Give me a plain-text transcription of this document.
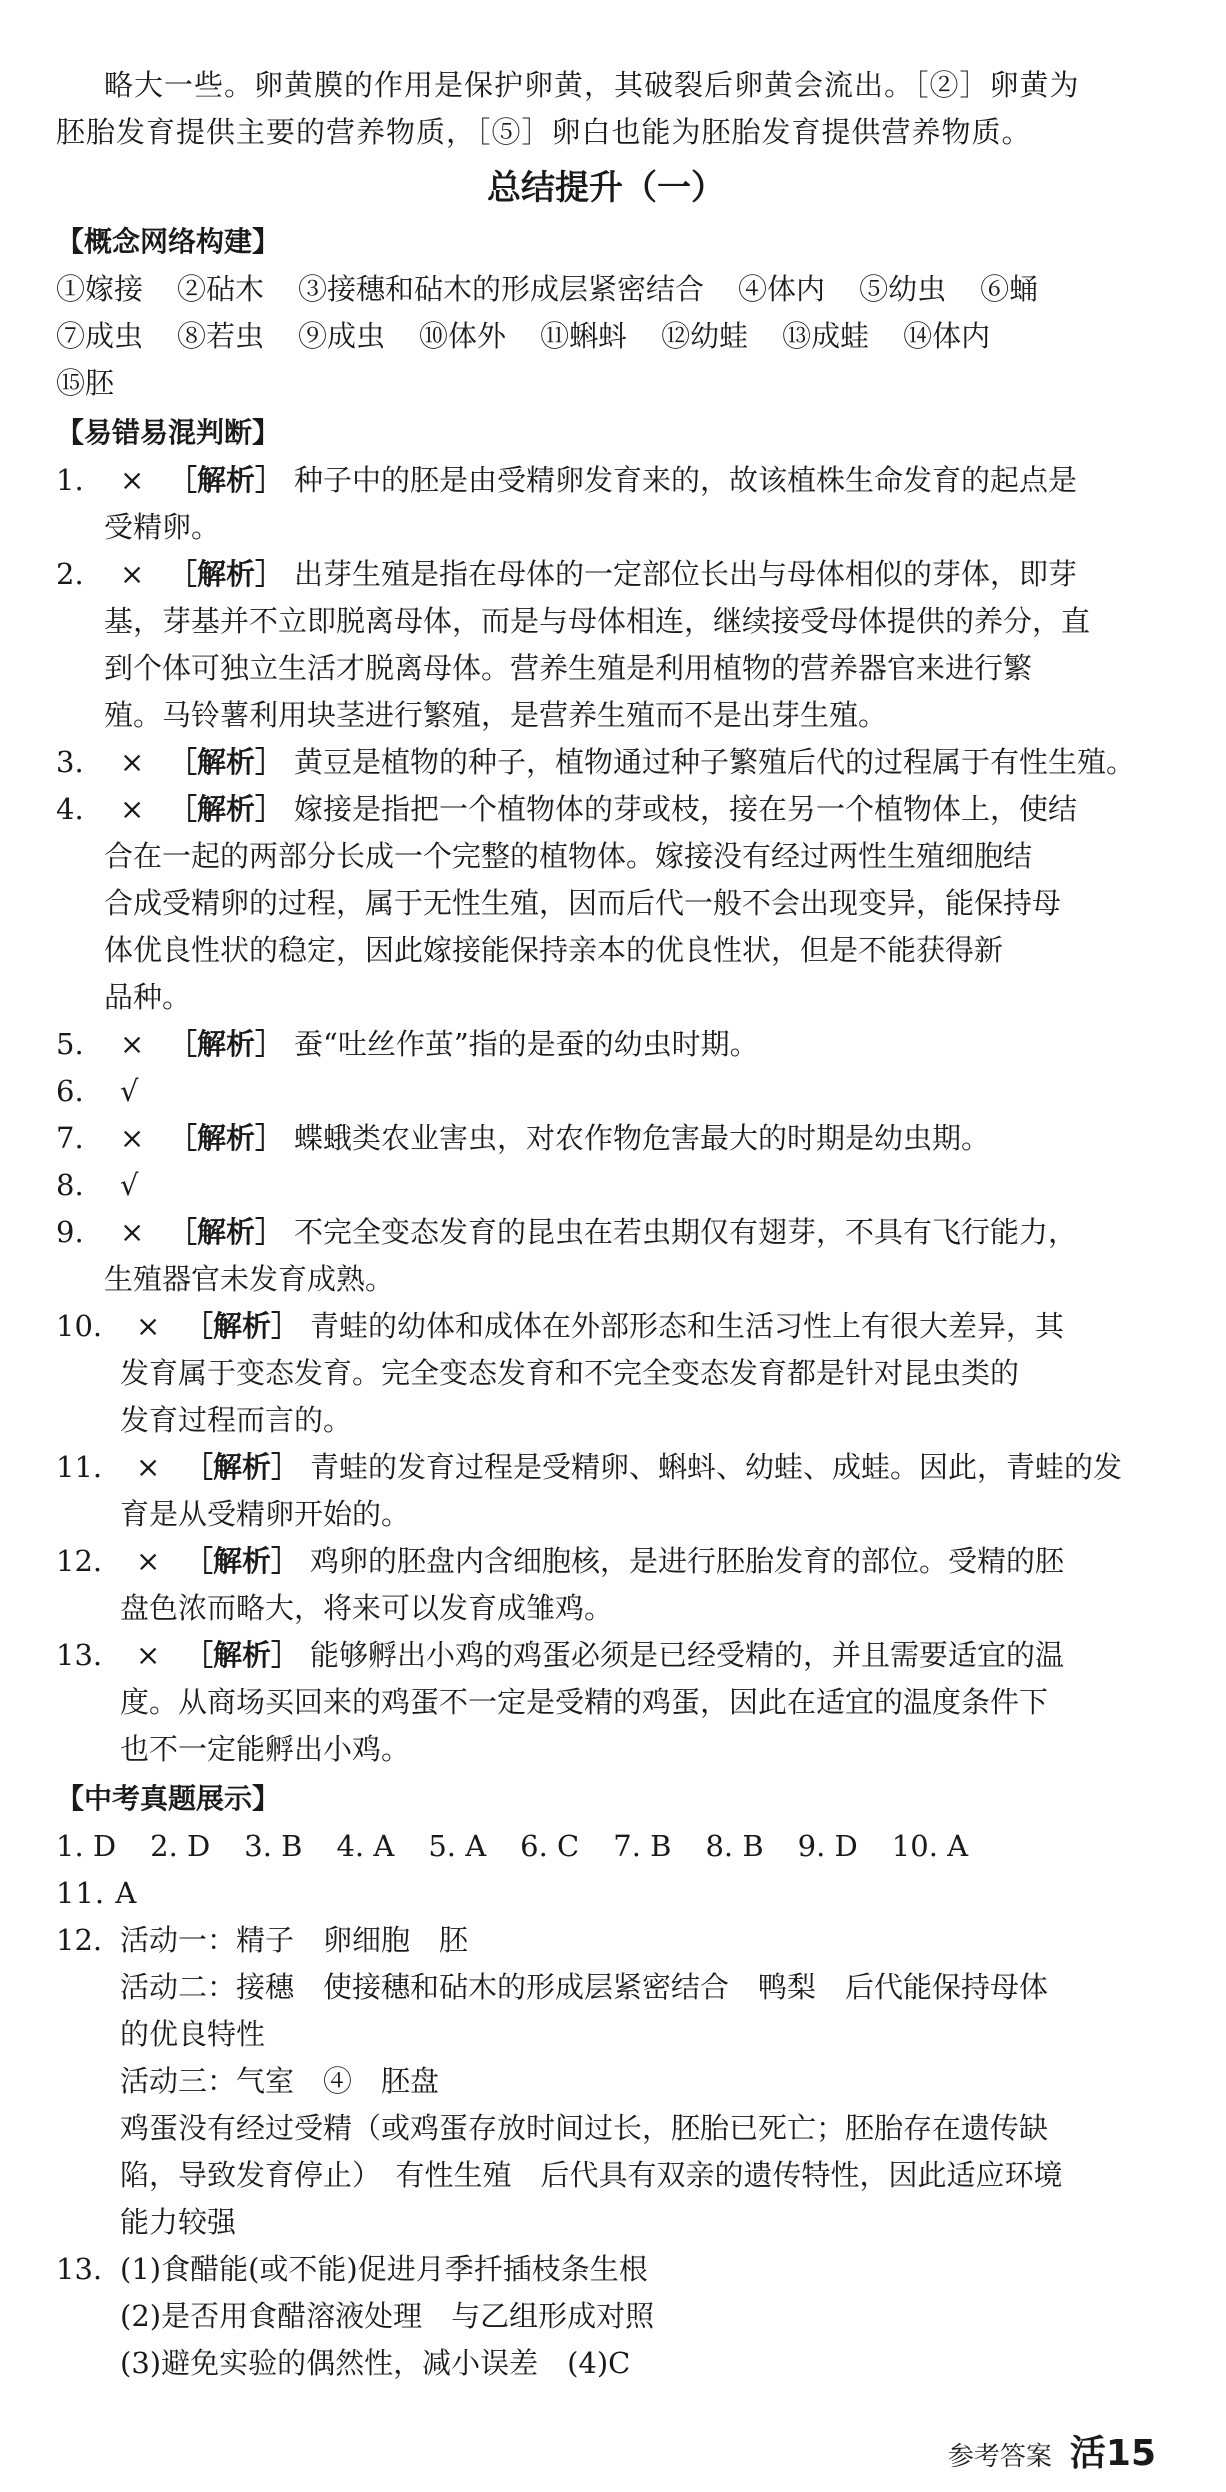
略大一些。卵黄膜的作用是保护卵黄，其破裂后卵黄会流出。［②］卵黄为
胚胎发育提供主要的营养物质，［⑤］卵白也能为胚胎发育提供营养物质。
总结提升（一）
【概念网络构建】
①嫁接 ②砧木 ③接穗和砧木的形成层紧密结合 ④体内 ⑤幼虫 ⑥蛹
⑦成虫 ⑧若虫 ⑨成虫 ⑩体外 ⑪蝌蚪 ⑫幼蛙 ⑬成蛙 ⑭体内
⑮胚
【易错易混判断】
1.	× ［解析］ 种子中的胚是由受精卵发育来的，故该植株生命发育的起点是
受精卵。
2.	× ［解析］ 出芽生殖是指在母体的一定部位长出与母体相似的芽体，即芽
基，芽基并不立即脱离母体，而是与母体相连，继续接受母体提供的养分，直
到个体可独立生活才脱离母体。营养生殖是利用植物的营养器官来进行繁
殖。马铃薯利用块茎进行繁殖，是营养生殖而不是出芽生殖。
3.	× ［解析］ 黄豆是植物的种子，植物通过种子繁殖后代的过程属于有性生殖。
4.	× ［解析］ 嫁接是指把一个植物体的芽或枝，接在另一个植物体上，使结
合在一起的两部分长成一个完整的植物体。嫁接没有经过两性生殖细胞结
合成受精卵的过程，属于无性生殖，因而后代一般不会出现变异，能保持母
体优良性状的稳定，因此嫁接能保持亲本的优良性状，但是不能获得新
品种。
5.	× ［解析］ 蚕“吐丝作茧”指的是蚕的幼虫时期。
6.	√
7.	× ［解析］ 蝶蛾类农业害虫，对农作物危害最大的时期是幼虫期。
8.	√
9.	× ［解析］ 不完全变态发育的昆虫在若虫期仅有翅芽，不具有飞行能力，
生殖器官未发育成熟。
10.	× ［解析］ 青蛙的幼体和成体在外部形态和生活习性上有很大差异，其
发育属于变态发育。完全变态发育和不完全变态发育都是针对昆虫类的
发育过程而言的。
11.	× ［解析］ 青蛙的发育过程是受精卵、蝌蚪、幼蛙、成蛙。因此，青蛙的发
育是从受精卵开始的。
12.	× ［解析］ 鸡卵的胚盘内含细胞核，是进行胚胎发育的部位。受精的胚
盘色浓而略大，将来可以发育成雏鸡。
13.	× ［解析］ 能够孵出小鸡的鸡蛋必须是已经受精的，并且需要适宜的温
度。从商场买回来的鸡蛋不一定是受精的鸡蛋，因此在适宜的温度条件下
也不一定能孵出小鸡。
【中考真题展示】
1. D 2. D 3. B 4. A 5. A 6. C 7. B 8. B 9. D 10. A
11. A
12. 活动一：精子　卵细胞　胚
活动二：接穗　使接穗和砧木的形成层紧密结合　鸭梨　后代能保持母体
的优良特性
活动三：气室　④　胚盘
鸡蛋没有经过受精（或鸡蛋存放时间过长，胚胎已死亡；胚胎存在遗传缺
陷，导致发育停止）　有性生殖　后代具有双亲的遗传特性，因此适应环境
能力较强
13. (1)食醋能(或不能)促进月季扦插枝条生根
(2)是否用食醋溶液处理　与乙组形成对照
(3)避免实验的偶然性，减小误差　(4)C
参考答案 活15
